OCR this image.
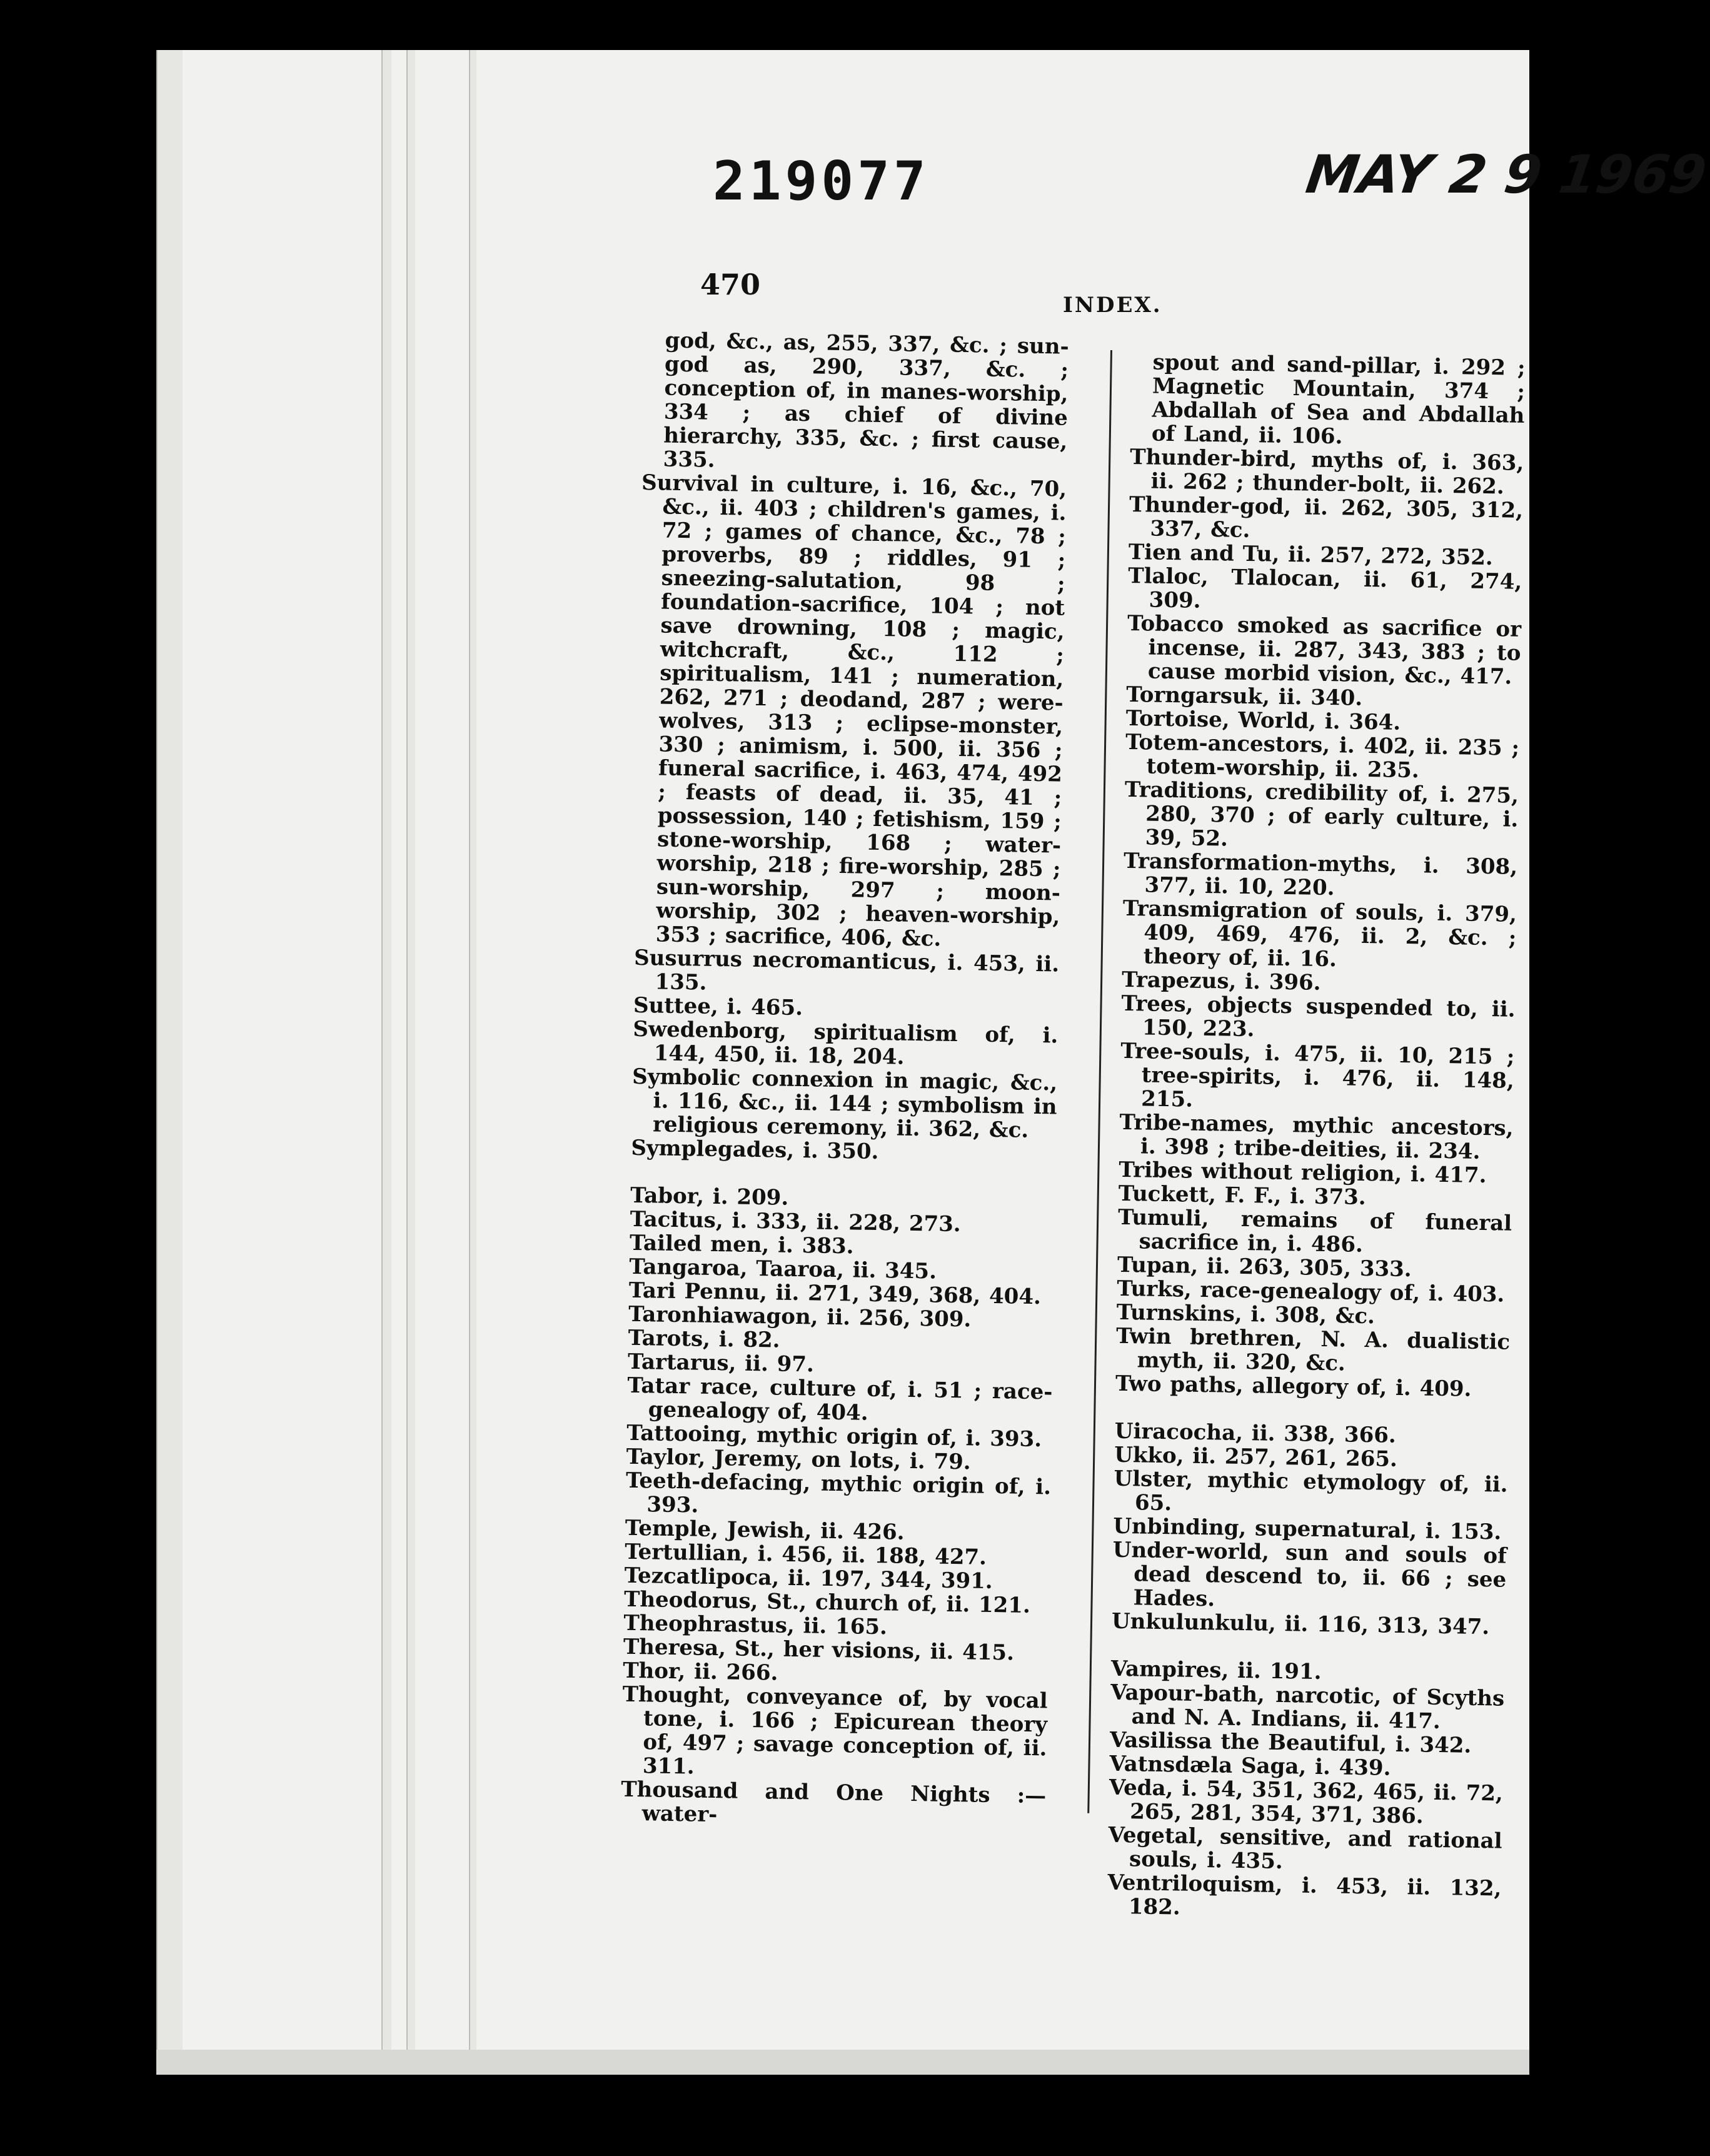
219077	MAY 2 9 1969
470
INDEX.

god, &c., as, 255, 337, &c. ; sun-god as, 290, 337, &c. ; conception of, in manes-worship, 334 ; as chief of divine hierarchy, 335, &c. ; first cause, 335.

Survival in culture, i. 16, &c., 70, &c., ii. 403 ; children's games, i. 72 ; games of chance, &c., 78 ; proverbs, 89 ; riddles, 91 ; sneezing-salutation, 98 ; foundation-sacrifice, 104 ; not save drowning, 108 ; magic, witchcraft, &c., 112 ; spiritualism, 141 ; numeration, 262, 271 ; deodand, 287 ; were-wolves, 313 ; eclipse-monster, 330 ; animism, i. 500, ii. 356 ; funeral sacrifice, i. 463, 474, 492 ; feasts of dead, ii. 35, 41 ; possession, 140 ; fetishism, 159 ; stone-worship, 168 ; water-worship, 218 ; fire-worship, 285 ; sun-worship, 297 ; moon-worship, 302 ; heaven-worship, 353 ; sacrifice, 406, &c.

Susurrus necromanticus, i. 453, ii. 135.

Suttee, i. 465.

Swedenborg, spiritualism of, i. 144, 450, ii. 18, 204.

Symbolic connexion in magic, &c., i. 116, &c., ii. 144 ; symbolism in religious ceremony, ii. 362, &c.

Symplegades, i. 350.

Tabor, i. 209.

Tacitus, i. 333, ii. 228, 273.

Tailed men, i. 383.

Tangaroa, Taaroa, ii. 345.

Tari Pennu, ii. 271, 349, 368, 404.

Taronhiawagon, ii. 256, 309.

Tarots, i. 82.

Tartarus, ii. 97.

Tatar race, culture of, i. 51 ; race-genealogy of, 404.

Tattooing, mythic origin of, i. 393.

Taylor, Jeremy, on lots, i. 79.

Teeth-defacing, mythic origin of, i. 393.

Temple, Jewish, ii. 426.

Tertullian, i. 456, ii. 188, 427.

Tezcatlipoca, ii. 197, 344, 391.

Theodorus, St., church of, ii. 121.

Theophrastus, ii. 165.

Theresa, St., her visions, ii. 415.

Thor, ii. 266.

Thought, conveyance of, by vocal tone, i. 166 ; Epicurean theory of, 497 ; savage conception of, ii. 311.

Thousand and One Nights :—water-

spout and sand-pillar, i. 292 ; Magnetic Mountain, 374 ; Abdallah of Sea and Abdallah of Land, ii. 106.

Thunder-bird, myths of, i. 363, ii. 262 ; thunder-bolt, ii. 262.

Thunder-god, ii. 262, 305, 312, 337, &c.

Tien and Tu, ii. 257, 272, 352.

Tlaloc, Tlalocan, ii. 61, 274, 309.

Tobacco smoked as sacrifice or incense, ii. 287, 343, 383 ; to cause morbid vision, &c., 417.

Torngarsuk, ii. 340.

Tortoise, World, i. 364.

Totem-ancestors, i. 402, ii. 235 ; totem-worship, ii. 235.

Traditions, credibility of, i. 275, 280, 370 ; of early culture, i. 39, 52.

Transformation-myths, i. 308, 377, ii. 10, 220.

Transmigration of souls, i. 379, 409, 469, 476, ii. 2, &c. ; theory of, ii. 16.

Trapezus, i. 396.

Trees, objects suspended to, ii. 150, 223.

Tree-souls, i. 475, ii. 10, 215 ; tree-spirits, i. 476, ii. 148, 215.

Tribe-names, mythic ancestors, i. 398 ; tribe-deities, ii. 234.

Tribes without religion, i. 417.

Tuckett, F. F., i. 373.

Tumuli, remains of funeral sacrifice in, i. 486.

Tupan, ii. 263, 305, 333.

Turks, race-genealogy of, i. 403.

Turnskins, i. 308, &c.

Twin brethren, N. A. dualistic myth, ii. 320, &c.

Two paths, allegory of, i. 409.

Uiracocha, ii. 338, 366.

Ukko, ii. 257, 261, 265.

Ulster, mythic etymology of, ii. 65.

Unbinding, supernatural, i. 153.

Under-world, sun and souls of dead descend to, ii. 66 ; see Hades.

Unkulunkulu, ii. 116, 313, 347.

Vampires, ii. 191.

Vapour-bath, narcotic, of Scyths and N. A. Indians, ii. 417.

Vasilissa the Beautiful, i. 342.

Vatnsdæla Saga, i. 439.

Veda, i. 54, 351, 362, 465, ii. 72, 265, 281, 354, 371, 386.

Vegetal, sensitive, and rational souls, i. 435.

Ventriloquism, i. 453, ii. 132, 182.
